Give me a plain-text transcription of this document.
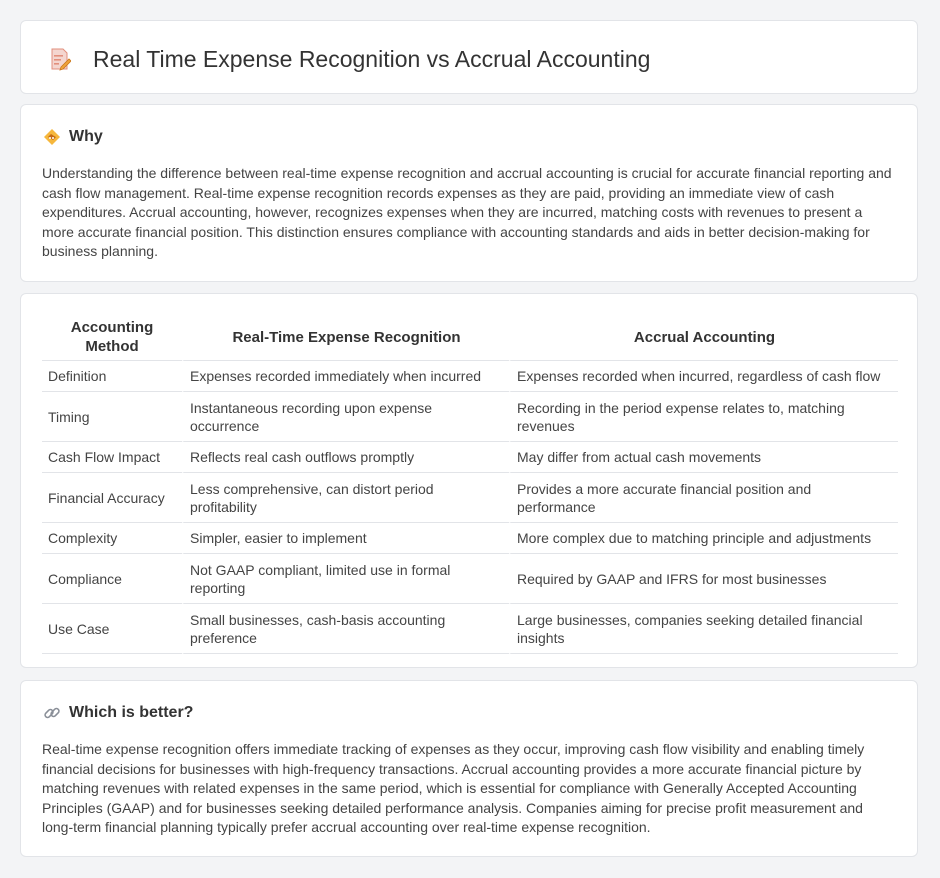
Real Time Expense Recognition vs Accrual Accounting
Why

Understanding the difference between real-time expense recognition and accrual accounting is crucial for accurate financial reporting and cash flow management. Real-time expense recognition records expenses as they are paid, providing an immediate view of cash expenditures. Accrual accounting, however, recognizes expenses when they are incurred, matching costs with revenues to present a more accurate financial position. This distinction ensures compliance with accounting standards and aids in better decision-making for business planning.

Accounting Method	Real-Time Expense Recognition	Accrual Accounting
Definition	Expenses recorded immediately when incurred	Expenses recorded when incurred, regardless of cash flow
Timing	Instantaneous recording upon expense occurrence	Recording in the period expense relates to, matching revenues
Cash Flow Impact	Reflects real cash outflows promptly	May differ from actual cash movements
Financial Accuracy	Less comprehensive, can distort period profitability	Provides a more accurate financial position and performance
Complexity	Simpler, easier to implement	More complex due to matching principle and adjustments
Compliance	Not GAAP compliant, limited use in formal reporting	Required by GAAP and IFRS for most businesses
Use Case	Small businesses, cash-basis accounting preference	Large businesses, companies seeking detailed financial insights
Which is better?

Real-time expense recognition offers immediate tracking of expenses as they occur, improving cash flow visibility and enabling timely financial decisions for businesses with high-frequency transactions. Accrual accounting provides a more accurate financial picture by matching revenues with related expenses in the same period, which is essential for compliance with Generally Accepted Accounting Principles (GAAP) and for businesses seeking detailed performance analysis. Companies aiming for precise profit measurement and long-term financial planning typically prefer accrual accounting over real-time expense recognition.
